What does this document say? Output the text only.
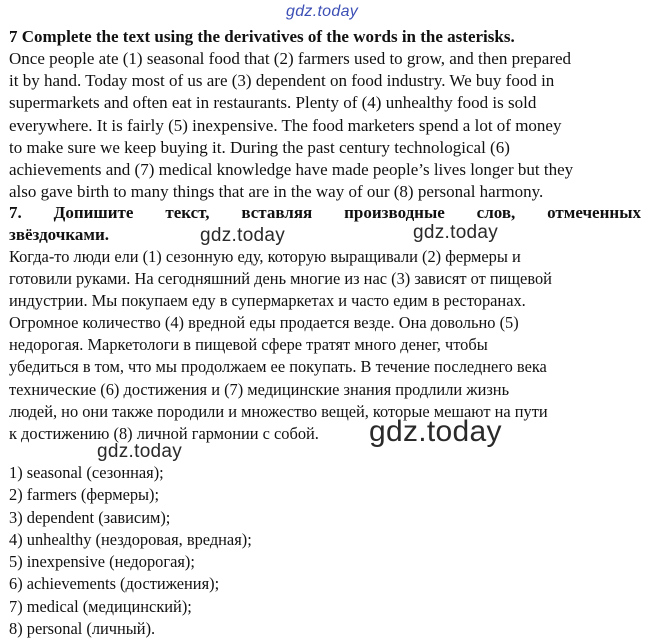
gdz.today
7 Complete the text using the derivatives of the words in the asterisks.
Once people ate (1) seasonal food that (2) farmers used to grow, and then prepared
it by hand. Today most of us are (3) dependent on food industry. We buy food in
supermarkets and often eat in restaurants. Plenty of (4) unhealthy food is sold
everywhere. It is fairly (5) inexpensive. The food marketers spend a lot of money
to make sure we keep buying it. During the past century technological (6)
achievements and (7) medical knowledge have made people’s lives longer but they
also gave birth to many things that are in the way of our (8) personal harmony.
7. Допишите текст, вставляя производные слов, отмеченных
звёздочками.
Когда-то люди ели (1) сезонную еду, которую выращивали (2) фермеры и
готовили руками. На сегодняшний день многие из нас (3) зависят от пищевой
индустрии. Мы покупаем еду в супермаркетах и часто едим в ресторанах.
Огромное количество (4) вредной еды продается везде. Она довольно (5)
недорогая. Маркетологи в пищевой сфере тратят много денег, чтобы
убедиться в том, что мы продолжаем ее покупать. В течение последнего века
технические (6) достижения и (7) медицинские знания продлили жизнь
людей, но они также породили и множество вещей, которые мешают на пути
к достижению (8) личной гармонии с собой.
1) seasonal (сезонная);
2) farmers (фермеры);
3) dependent (зависим);
4) unhealthy (нездоровая, вредная);
5) inexpensive (недорогая);
6) achievements (достижения);
7) medical (медицинский);
8) personal (личный).
gdz.today	gdz.today
gdz.today
gdz.today
